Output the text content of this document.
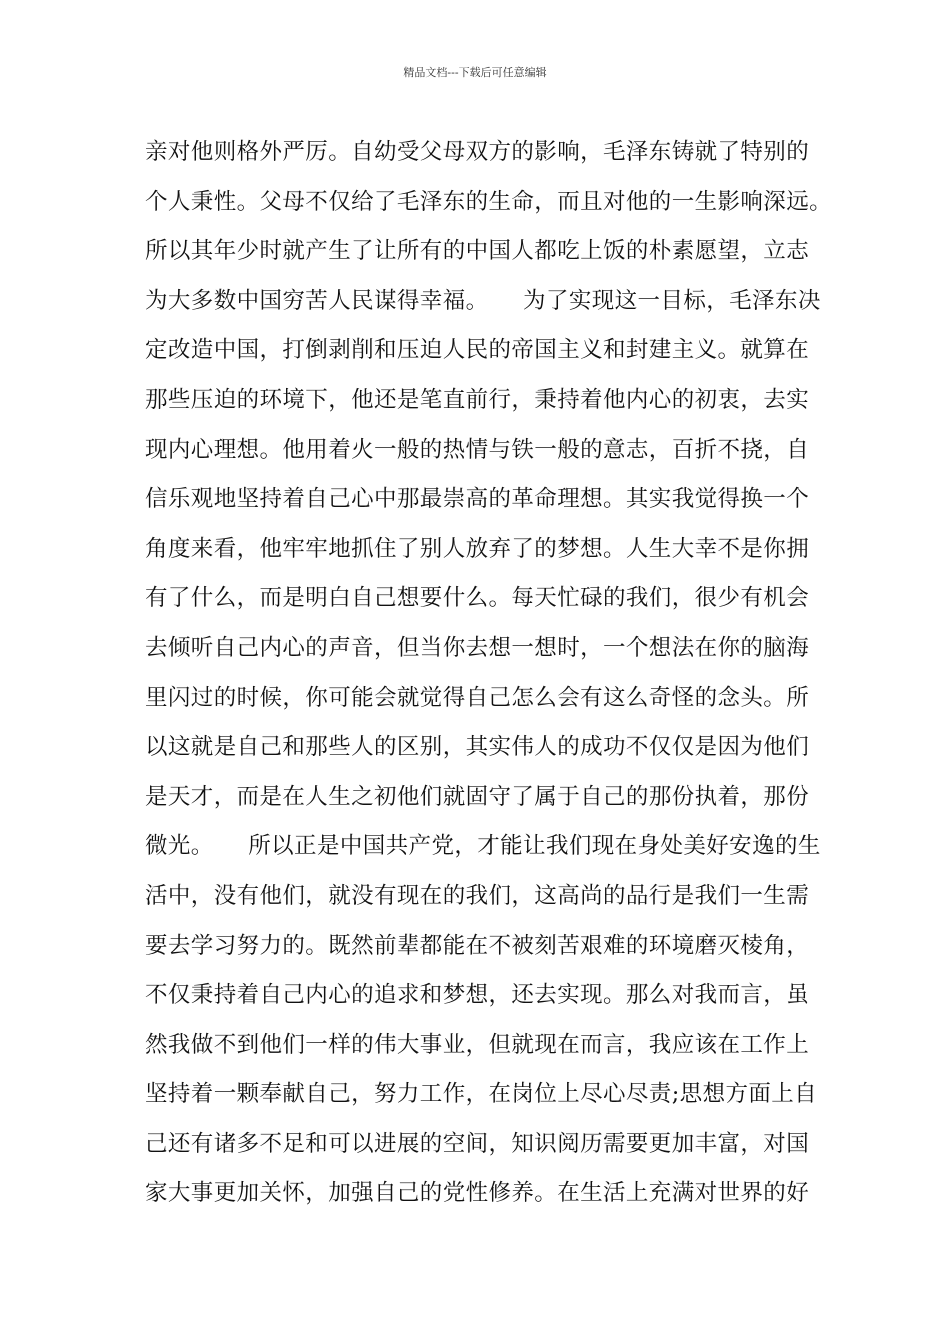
精品文档---下载后可任意编辑
亲对他则格外严厉。自幼受父母双方的影响，毛泽东铸就了特别的
个人秉性。父母不仅给了毛泽东的生命，而且对他的一生影响深远。
所以其年少时就产生了让所有的中国人都吃上饭的朴素愿望，立志
为大多数中国穷苦人民谋得幸福。　　为了实现这一目标，毛泽东决
定改造中国，打倒剥削和压迫人民的帝国主义和封建主义。就算在
那些压迫的环境下，他还是笔直前行，秉持着他内心的初衷，去实
现内心理想。他用着火一般的热情与铁一般的意志，百折不挠，自
信乐观地坚持着自己心中那最崇高的革命理想。其实我觉得换一个
角度来看，他牢牢地抓住了别人放弃了的梦想。人生大幸不是你拥
有了什么，而是明白自己想要什么。每天忙碌的我们，很少有机会
去倾听自己内心的声音，但当你去想一想时，一个想法在你的脑海
里闪过的时候，你可能会就觉得自己怎么会有这么奇怪的念头。所
以这就是自己和那些人的区别，其实伟人的成功不仅仅是因为他们
是天才，而是在人生之初他们就固守了属于自己的那份执着，那份
微光。　　所以正是中国共产党，才能让我们现在身处美好安逸的生
活中，没有他们，就没有现在的我们，这高尚的品行是我们一生需
要去学习努力的。既然前辈都能在不被刻苦艰难的环境磨灭棱角，
不仅秉持着自己内心的追求和梦想，还去实现。那么对我而言，虽
然我做不到他们一样的伟大事业，但就现在而言，我应该在工作上
坚持着一颗奉献自己，努力工作，在岗位上尽心尽责;思想方面上自
己还有诸多不足和可以进展的空间，知识阅历需要更加丰富，对国
家大事更加关怀，加强自己的党性修养。在生活上充满对世界的好
